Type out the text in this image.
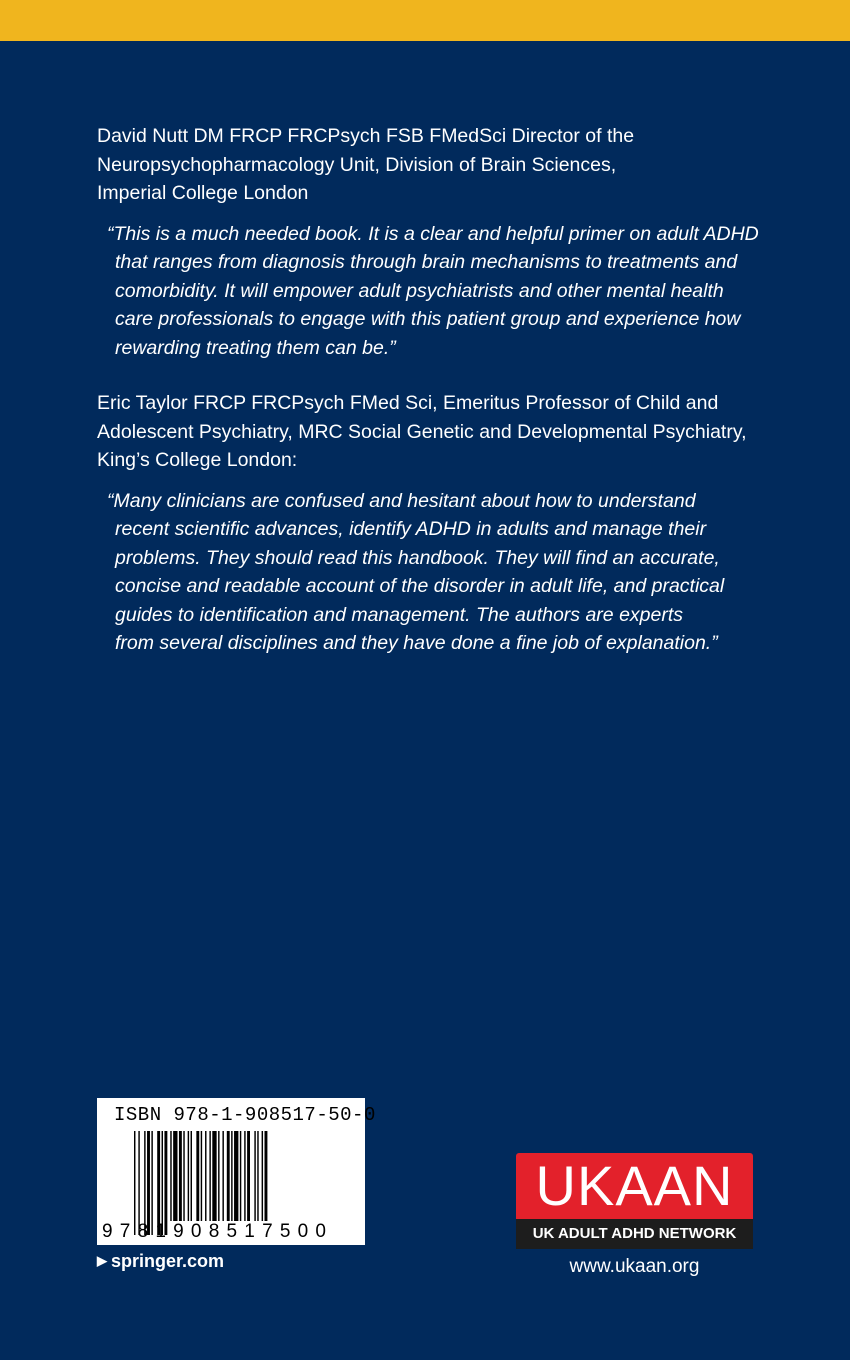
David Nutt DM FRCP FRCPsych FSB FMedSci Director of the
Neuropsychopharmacology Unit, Division of Brain Sciences,
Imperial College London

“This is a much needed book. It is a clear and helpful primer on adult ADHD
that ranges from diagnosis through brain mechanisms to treatments and
comorbidity. It will empower adult psychiatrists and other mental health
care professionals to engage with this patient group and experience how
rewarding treating them can be.”

Eric Taylor FRCP FRCPsych FMed Sci, Emeritus Professor of Child and
Adolescent Psychiatry, MRC Social Genetic and Developmental Psychiatry,
King’s College London:

“Many clinicians are confused and hesitant about how to understand
recent scientific advances, identify ADHD in adults and manage their
problems. They should read this handbook. They will find an accurate,
concise and readable account of the disorder in adult life, and practical
guides to identification and management. The authors are experts
from several disciplines and they have done a fine job of explanation.”

ISBN 978-1-908517-50-0
9781908517500
▶ springer.com
UKAAN
UK ADULT ADHD NETWORK
www.ukaan.org
